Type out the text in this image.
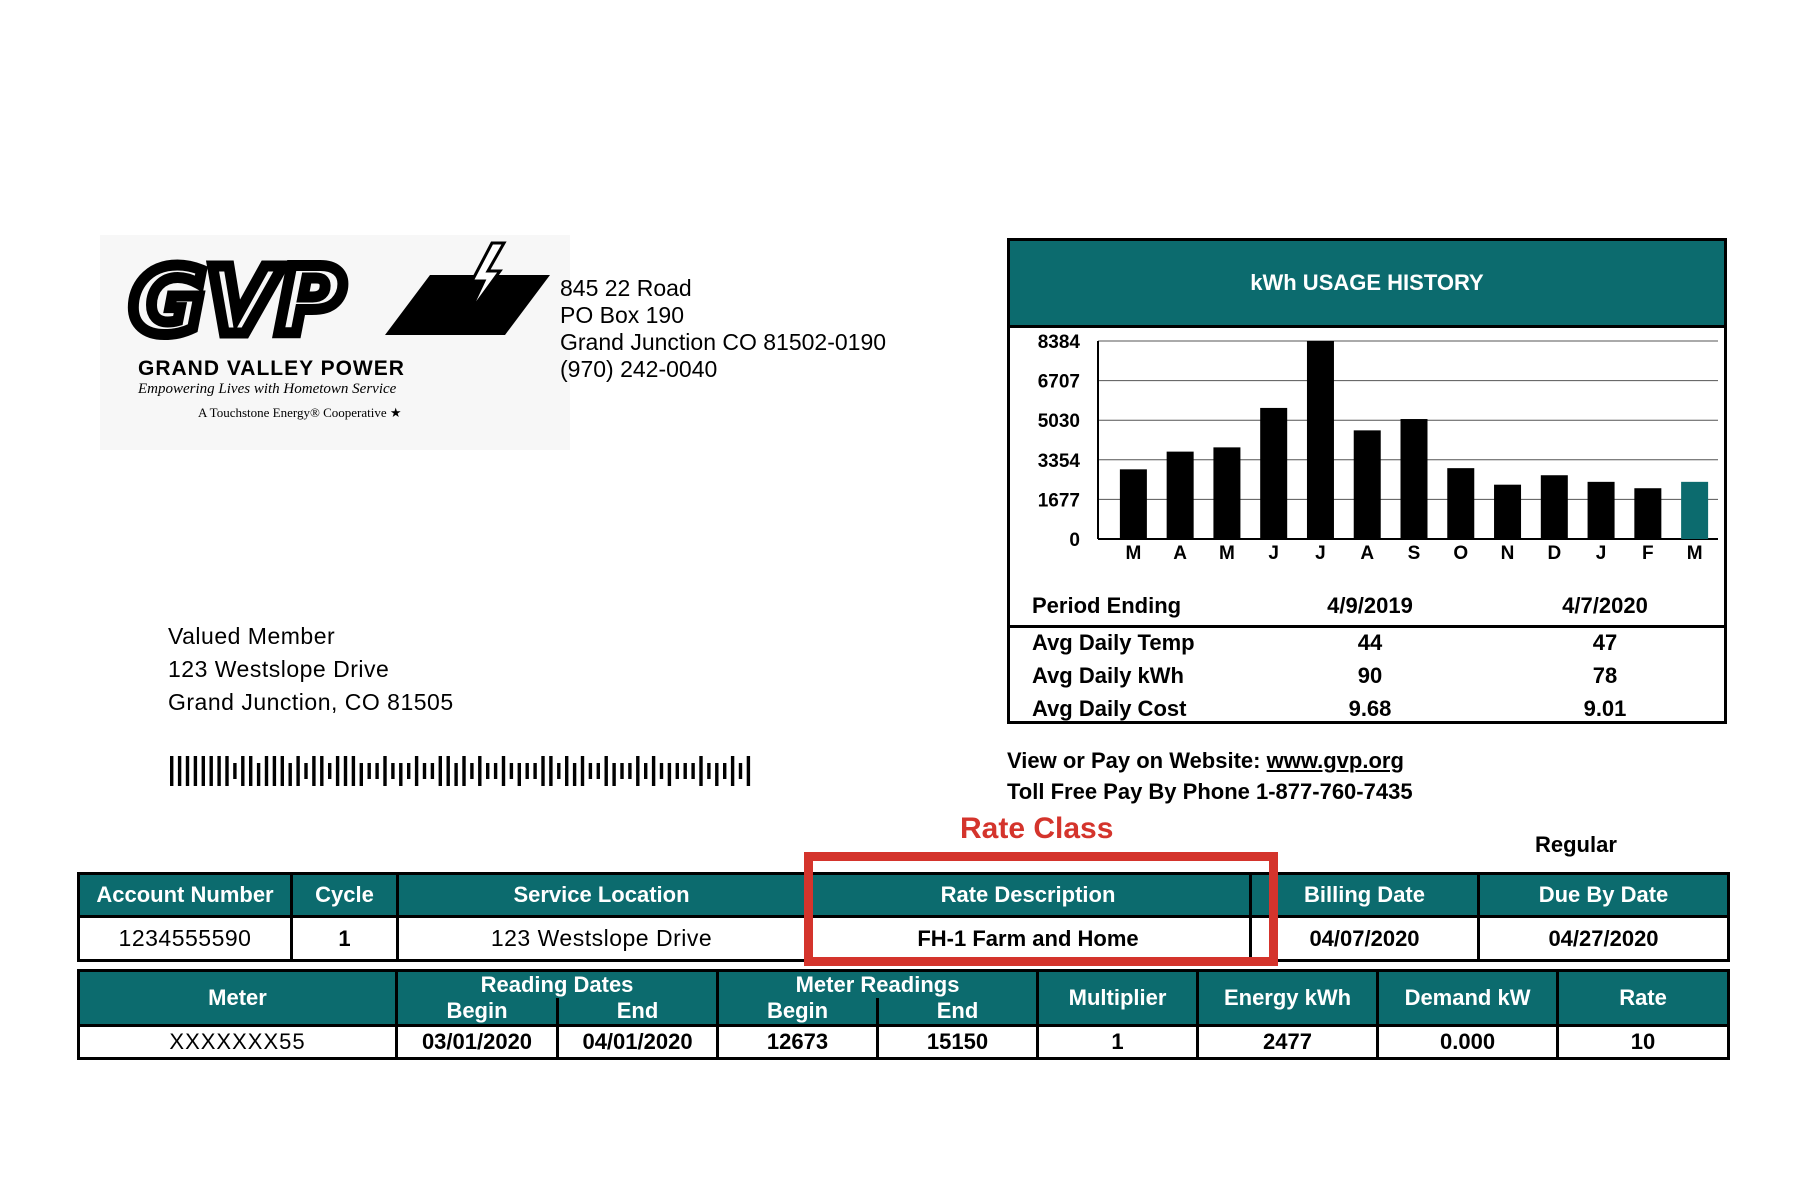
GVP
GRAND VALLEY POWER
Empowering Lives with Hometown Service
A Touchstone Energy® Cooperative ★
845 22 Road
PO Box 190
Grand Junction CO 81502-0190
(970) 242-0040
Valued Member
123 Westslope Drive
Grand Junction, CO 81505
kWh USAGE HISTORY
0
1677
3354
5030
6707
8384
M A M J J A S O N D J F M
Period Ending	4/9/2019	4/7/2020
Avg Daily Temp	44	47
Avg Daily kWh	90	78
Avg Daily Cost	9.68	9.01
View or Pay on Website: www.gvp.org
Toll Free Pay By Phone 1-877-760-7435
Rate Class	Regular
Account Number	Cycle	Service Location	Rate Description	Billing Date	Due By Date
1234555590	1	123 Westslope Drive	FH-1 Farm and Home	04/07/2020	04/27/2020
Meter	Reading Dates		Meter Readings		Multiplier	Energy kWh	Demand kW	Rate
	Begin	End	Begin	End				
XXXXXXX55	03/01/2020	04/01/2020	12673	15150	1	2477	0.000	10
